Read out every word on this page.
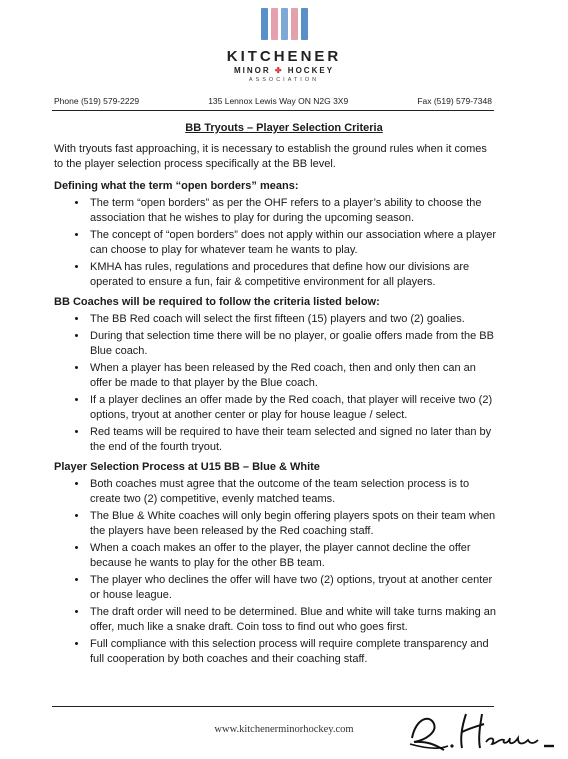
KITCHENER
MINOR ✤ HOCKEY
ASSOCIATION
Phone (519) 579-2229	135 Lennox Lewis Way ON N2G 3X9	Fax (519) 579-7348
BB Tryouts – Player Selection Criteria

With tryouts fast approaching, it is necessary to establish the ground rules when it comes to the player selection process specifically at the BB level.

Defining what the term “open borders” means:
• The term “open borders” as per the OHF refers to a player’s ability to choose the association that he wishes to play for during the upcoming season.
• The concept of “open borders” does not apply within our association where a player can choose to play for whatever team he wants to play.
• KMHA has rules, regulations and procedures that define how our divisions are operated to ensure a fun, fair & competitive environment for all players.
BB Coaches will be required to follow the criteria listed below:
• The BB Red coach will select the first fifteen (15) players and two (2) goalies.
• During that selection time there will be no player, or goalie offers made from the BB Blue coach.
• When a player has been released by the Red coach, then and only then can an offer be made to that player by the Blue coach.
• If a player declines an offer made by the Red coach, that player will receive two (2) options, tryout at another center or play for house league / select.
• Red teams will be required to have their team selected and signed no later than by the end of the fourth tryout.
Player Selection Process at U15 BB – Blue & White
• Both coaches must agree that the outcome of the team selection process is to create two (2) competitive, evenly matched teams.
• The Blue & White coaches will only begin offering players spots on their team when the players have been released by the Red coaching staff.
• When a coach makes an offer to the player, the player cannot decline the offer because he wants to play for the other BB team.
• The player who declines the offer will have two (2) options, tryout at another center or house league.
• The draft order will need to be determined. Blue and white will take turns making an offer, much like a snake draft. Coin toss to find out who goes first.
• Full compliance with this selection process will require complete transparency and full cooperation by both coaches and their coaching staff.
www.kitchenerminorhockey.com
